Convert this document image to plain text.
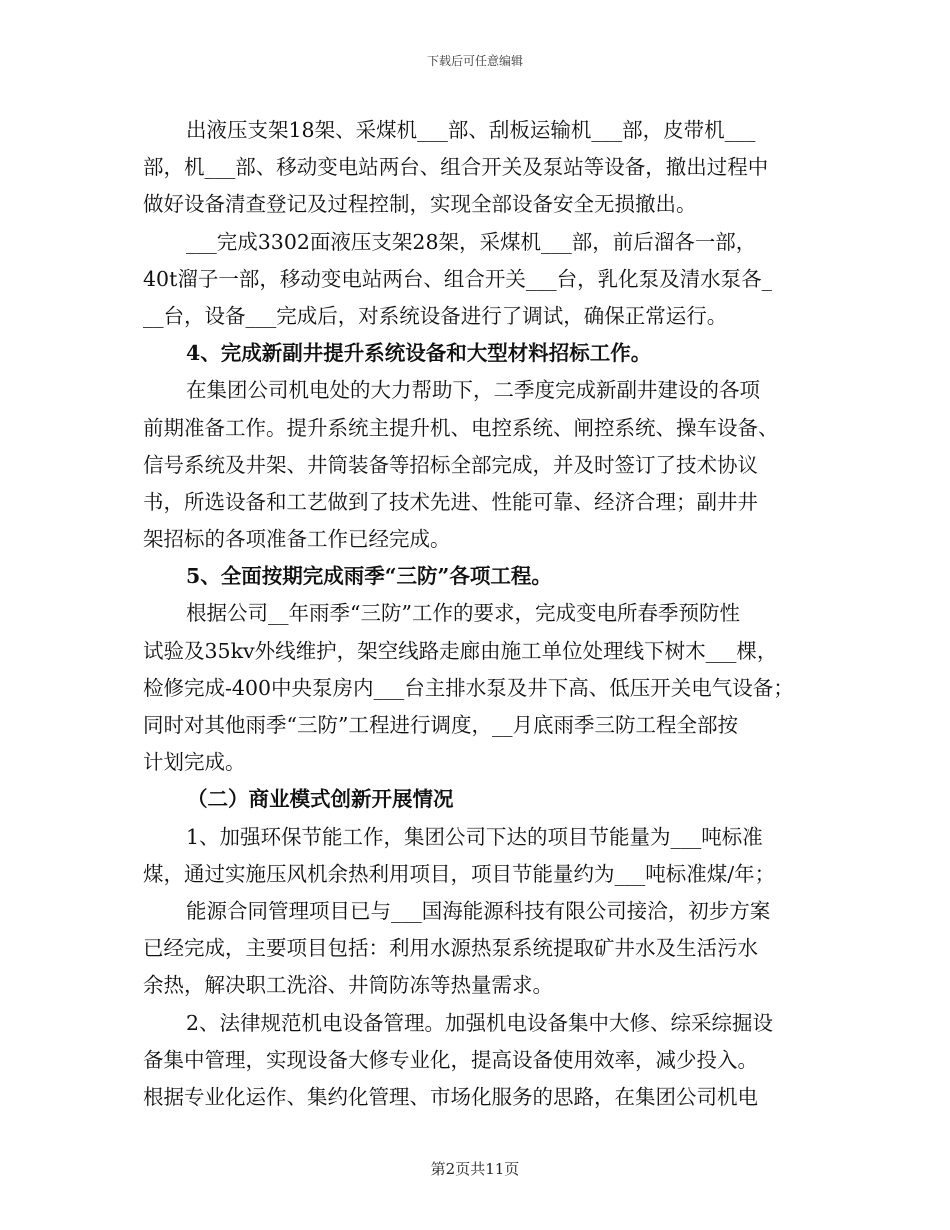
下载后可任意编辑
出液压支架18架、采煤机___部、刮板运输机___部，皮带机___
部，机___部、移动变电站两台、组合开关及泵站等设备，撤出过程中
做好设备清查登记及过程控制，实现全部设备安全无损撤出。
___完成3302面液压支架28架，采煤机___部，前后溜各一部，
40t溜子一部，移动变电站两台、组合开关___台，乳化泵及清水泵各_
__台，设备___完成后，对系统设备进行了调试，确保正常运行。
4、完成新副井提升系统设备和大型材料招标工作。
在集团公司机电处的大力帮助下，二季度完成新副井建设的各项
前期准备工作。提升系统主提升机、电控系统、闸控系统、操车设备、
信号系统及井架、井筒装备等招标全部完成，并及时签订了技术协议
书，所选设备和工艺做到了技术先进、性能可靠、经济合理；副井井
架招标的各项准备工作已经完成。
5、全面按期完成雨季“三防”各项工程。
根据公司__年雨季“三防”工作的要求，完成变电所春季预防性
试验及35kv外线维护，架空线路走廊由施工单位处理线下树木___棵，
检修完成-400中央泵房内___台主排水泵及井下高、低压开关电气设备；
同时对其他雨季“三防”工程进行调度，__月底雨季三防工程全部按
计划完成。
（二）商业模式创新开展情况
1、加强环保节能工作，集团公司下达的项目节能量为___吨标准
煤，通过实施压风机余热利用项目，项目节能量约为___吨标准煤/年；
能源合同管理项目已与___国海能源科技有限公司接洽，初步方案
已经完成，主要项目包括：利用水源热泵系统提取矿井水及生活污水
余热，解决职工洗浴、井筒防冻等热量需求。
2、法律规范机电设备管理。加强机电设备集中大修、综采综掘设
备集中管理，实现设备大修专业化，提高设备使用效率，减少投入。
根据专业化运作、集约化管理、市场化服务的思路，在集团公司机电
第2页共11页
